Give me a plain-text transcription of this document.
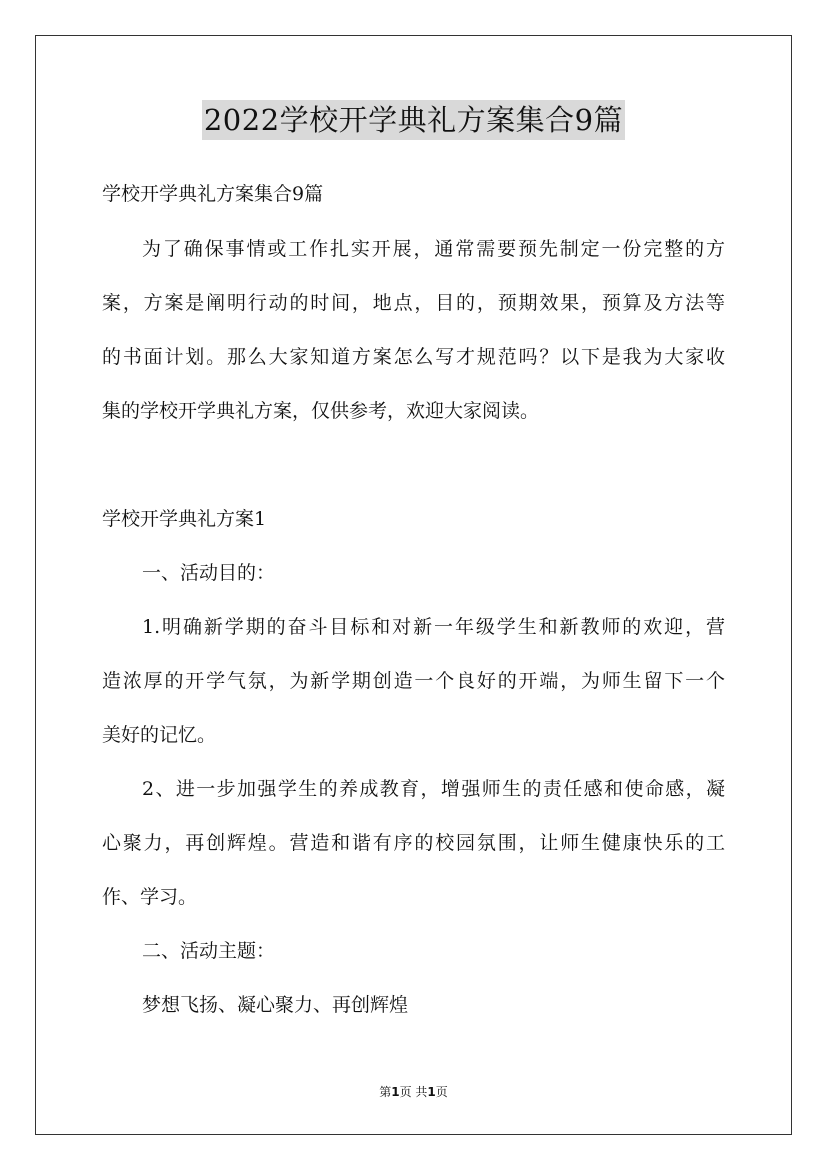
2022学校开学典礼方案集合9篇
学校开学典礼方案集合9篇
为了确保事情或工作扎实开展，通常需要预先制定一份完整的方
案，方案是阐明行动的时间，地点，目的，预期效果，预算及方法等
的书面计划。那么大家知道方案怎么写才规范吗？以下是我为大家收
集的学校开学典礼方案，仅供参考，欢迎大家阅读。
学校开学典礼方案1
一、活动目的：
1.明确新学期的奋斗目标和对新一年级学生和新教师的欢迎，营
造浓厚的开学气氛，为新学期创造一个良好的开端，为师生留下一个
美好的记忆。
2、进一步加强学生的养成教育，增强师生的责任感和使命感，凝
心聚力，再创辉煌。营造和谐有序的校园氛围，让师生健康快乐的工
作、学习。
二、活动主题：
梦想飞扬、凝心聚力、再创辉煌
第1页 共1页
